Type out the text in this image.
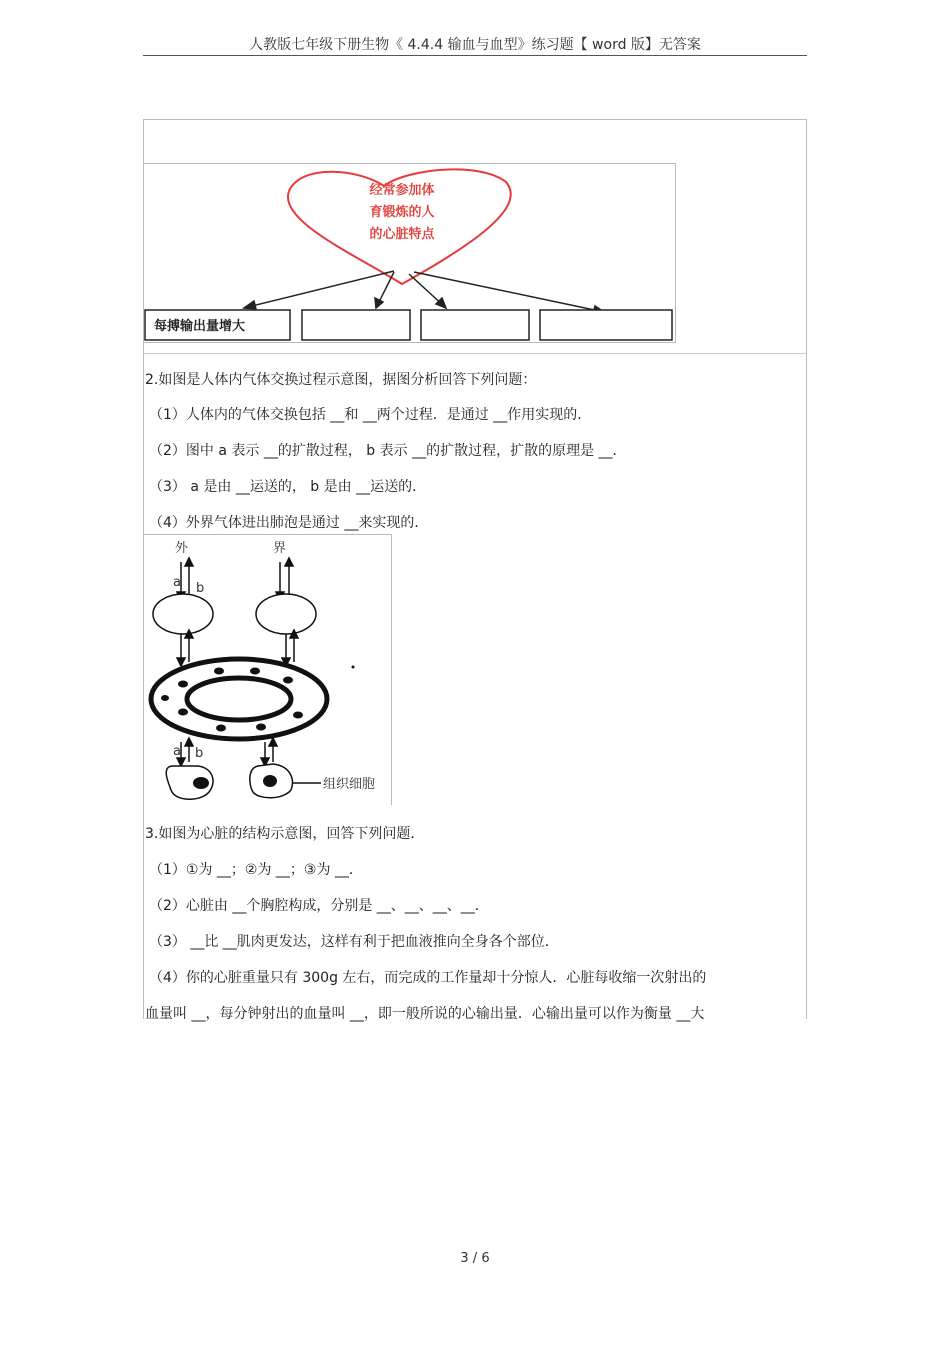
人教版七年级下册生物《 4.4.4 输血与血型》练习题【 word 版】无答案
经常参加体
育锻炼的人
的心脏特点
每搏输出量增大
2.如图是人体内气体交换过程示意图，据图分析回答下列问题：
（1）人体内的气体交换包括 __和 __两个过程．是通过 __作用实现的．
（2）图中 a 表示 __的扩散过程， b 表示 __的扩散过程，扩散的原理是 __．
（3） a 是由 __运送的， b 是由 __运送的．
（4）外界气体进出肺泡是通过 __来实现的．
外	界
a b
a b
组织细胞
3.如图为心脏的结构示意图，回答下列问题．
（1）①为 __；②为 __；③为 __．
（2）心脏由 __个胸腔构成，分别是 __、__、__、__．
（3） __比 __肌肉更发达，这样有利于把血液推向全身各个部位．
（4）你的心脏重量只有 300g 左右，而完成的工作量却十分惊人．心脏每收缩一次射出的
血量叫 __，每分钟射出的血量叫 __，即一般所说的心输出量．心输出量可以作为衡量 __大
3 / 6
